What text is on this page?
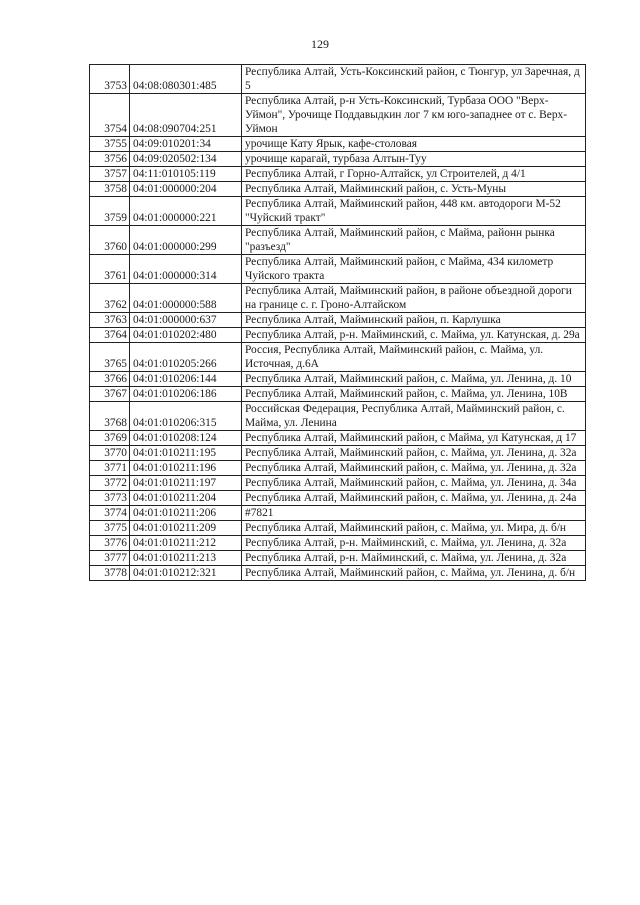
129
3753	04:08:080301:485	Республика Алтай, Усть-Коксинский район, с Тюнгур, ул Заречная, д 5
3754	04:08:090704:251	Республика Алтай, р-н Усть-Коксинский, Турбаза ООО "Верх-Уймон", Урочище Поддавыдкин лог 7 км юго-западнее от с. Верх-Уймон
3755	04:09:010201:34	урочище Кату Ярык, кафе-столовая
3756	04:09:020502:134	урочище карагай, турбаза Алтын-Туу
3757	04:11:010105:119	Республика Алтай, г Горно-Алтайск, ул Строителей, д 4/1
3758	04:01:000000:204	Республика Алтай, Майминский район, с. Усть-Муны
3759	04:01:000000:221	Республика Алтай, Майминский район, 448 км. автодороги М-52 "Чуйский тракт"
3760	04:01:000000:299	Республика Алтай, Майминский район, с Майма, районн рынка "разъезд"
3761	04:01:000000:314	Республика Алтай, Майминский район, с Майма, 434 километр Чуйского тракта
3762	04:01:000000:588	Республика Алтай, Майминский район, в районе объездной дороги на границе с. г. Гроно-Алтайском
3763	04:01:000000:637	Республика Алтай, Майминский район, п. Карлушка
3764	04:01:010202:480	Республика Алтай, р-н. Майминский, с. Майма, ул. Катунская, д. 29а
3765	04:01:010205:266	Россия, Республика Алтай, Майминский район, с. Майма, ул. Источная, д.6А
3766	04:01:010206:144	Республика Алтай, Майминский район, с. Майма, ул. Ленина, д. 10
3767	04:01:010206:186	Республика Алтай, Майминский район, с. Майма, ул. Ленина, 10В
3768	04:01:010206:315	Российская Федерация, Республика Алтай, Майминский район, с. Майма, ул. Ленина
3769	04:01:010208:124	Республика Алтай, Майминский район, с Майма, ул Катунская, д 17
3770	04:01:010211:195	Республика Алтай, Майминский район, с. Майма, ул. Ленина, д. 32а
3771	04:01:010211:196	Республика Алтай, Майминский район, с. Майма, ул. Ленина, д. 32а
3772	04:01:010211:197	Республика Алтай, Майминский район, с. Майма, ул. Ленина, д. 34а
3773	04:01:010211:204	Республика Алтай, Майминский район, с. Майма, ул. Ленина, д. 24а
3774	04:01:010211:206	#7821
3775	04:01:010211:209	Республика Алтай, Майминский район, с. Майма, ул. Мира, д. б/н
3776	04:01:010211:212	Республика Алтай, р-н. Майминский, с. Майма, ул. Ленина, д. 32а
3777	04:01:010211:213	Республика Алтай, р-н. Майминский, с. Майма, ул. Ленина, д. 32а
3778	04:01:010212:321	Республика Алтай, Майминский район, с. Майма, ул. Ленина, д. б/н
